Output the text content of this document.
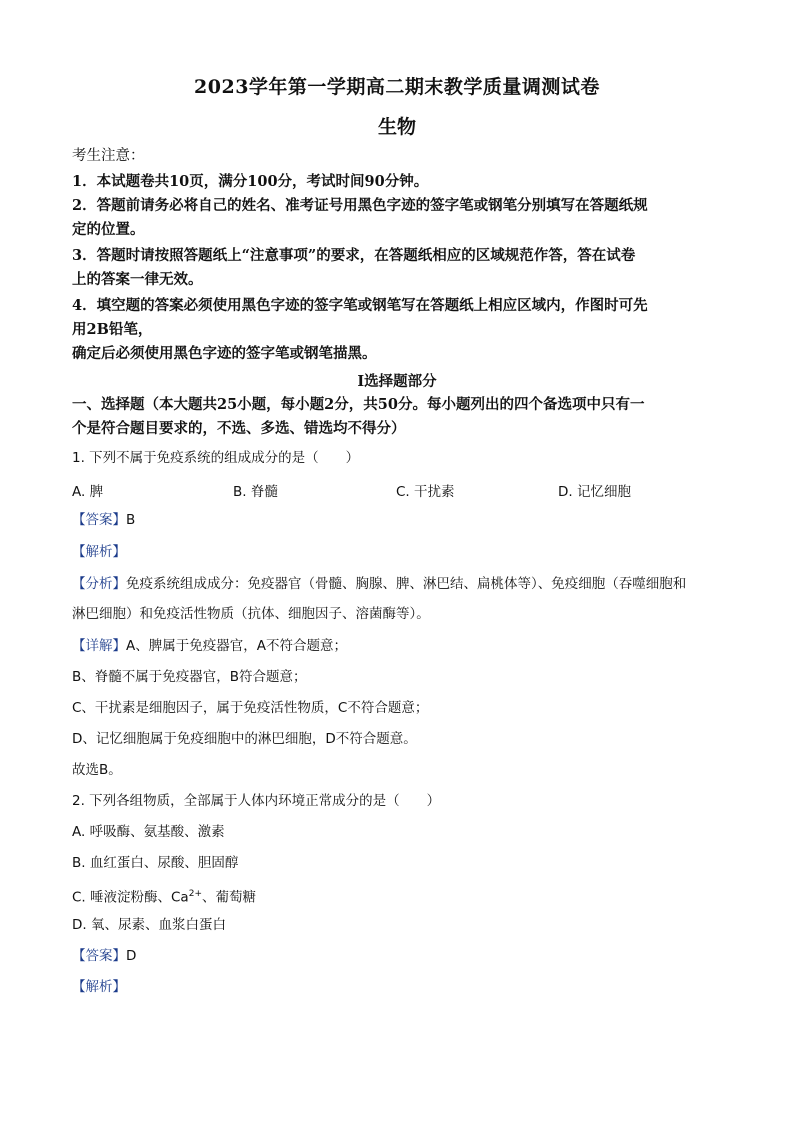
2023学年第一学期高二期末教学质量调测试卷
生物
考生注意：
1．本试题卷共10页，满分100分，考试时间90分钟。
2．答题前请务必将自己的姓名、准考证号用黑色字迹的签字笔或钢笔分别填写在答题纸规
定的位置。
3．答题时请按照答题纸上“注意事项”的要求，在答题纸相应的区域规范作答，答在试卷
上的答案一律无效。
4．填空题的答案必须使用黑色字迹的签字笔或钢笔写在答题纸上相应区域内，作图时可先
用2B铅笔，
确定后必须使用黑色字迹的签字笔或钢笔描黑。
Ⅰ选择题部分
一、选择题（本大题共25小题，每小题2分，共50分。每小题列出的四个备选项中只有一
个是符合题目要求的，不选、多选、错选均不得分）
1. 下列不属于免疫系统的组成成分的是（　　）
A. 脾	B. 脊髓	C. 干扰素	D. 记忆细胞
【答案】B
【解析】
【分析】免疫系统组成成分：免疫器官（骨髓、胸腺、脾、淋巴结、扁桃体等）、免疫细胞（吞噬细胞和
淋巴细胞）和免疫活性物质（抗体、细胞因子、溶菌酶等）。
【详解】A、脾属于免疫器官，A不符合题意；
B、脊髓不属于免疫器官，B符合题意；
C、干扰素是细胞因子，属于免疫活性物质，C不符合题意；
D、记忆细胞属于免疫细胞中的淋巴细胞，D不符合题意。
故选B。
2. 下列各组物质，全部属于人体内环境正常成分的是（　　）
A. 呼吸酶、氨基酸、激素
B. 血红蛋白、尿酸、胆固醇
C. 唾液淀粉酶、$Ca^{2+}$、葡萄糖
D. 氧、尿素、血浆白蛋白
【答案】D
【解析】
